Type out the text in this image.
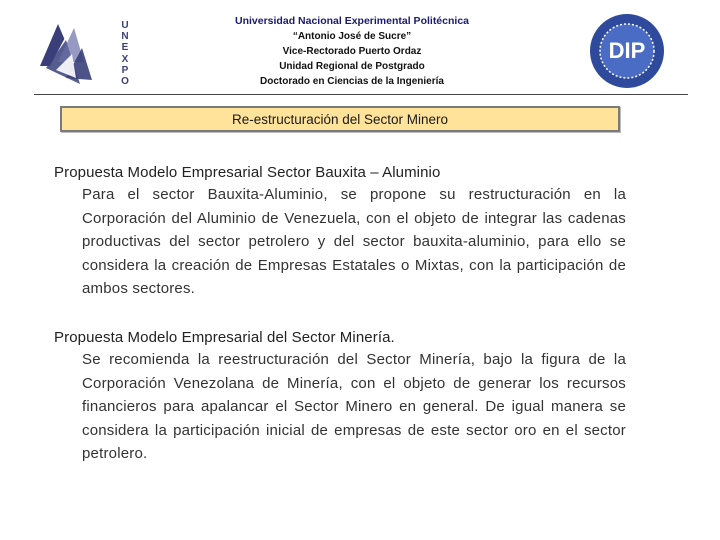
U
N
E
X
P
O
Universidad Nacional Experimental Politécnica
“Antonio José de Sucre”
Vice-Rectorado Puerto Ordaz
Unidad Regional de Postgrado
Doctorado en Ciencias de la Ingeniería
DIP
Re-estructuración del Sector Minero
Propuesta Modelo Empresarial Sector Bauxita – Aluminio
Para el sector Bauxita-Aluminio, se propone su restructuración en la Corporación del Aluminio de Venezuela, con el objeto de integrar las cadenas productivas del sector petrolero y del sector bauxita-aluminio, para ello se considera la creación de Empresas Estatales o Mixtas, con la participación de ambos sectores.
Propuesta Modelo Empresarial del Sector Minería.
Se recomienda la reestructuración del Sector Minería, bajo la figura de la Corporación Venezolana de Minería, con el objeto de generar los recursos financieros para apalancar el Sector Minero en general. De igual manera se considera la participación inicial de empresas de este sector oro en el sector petrolero.
